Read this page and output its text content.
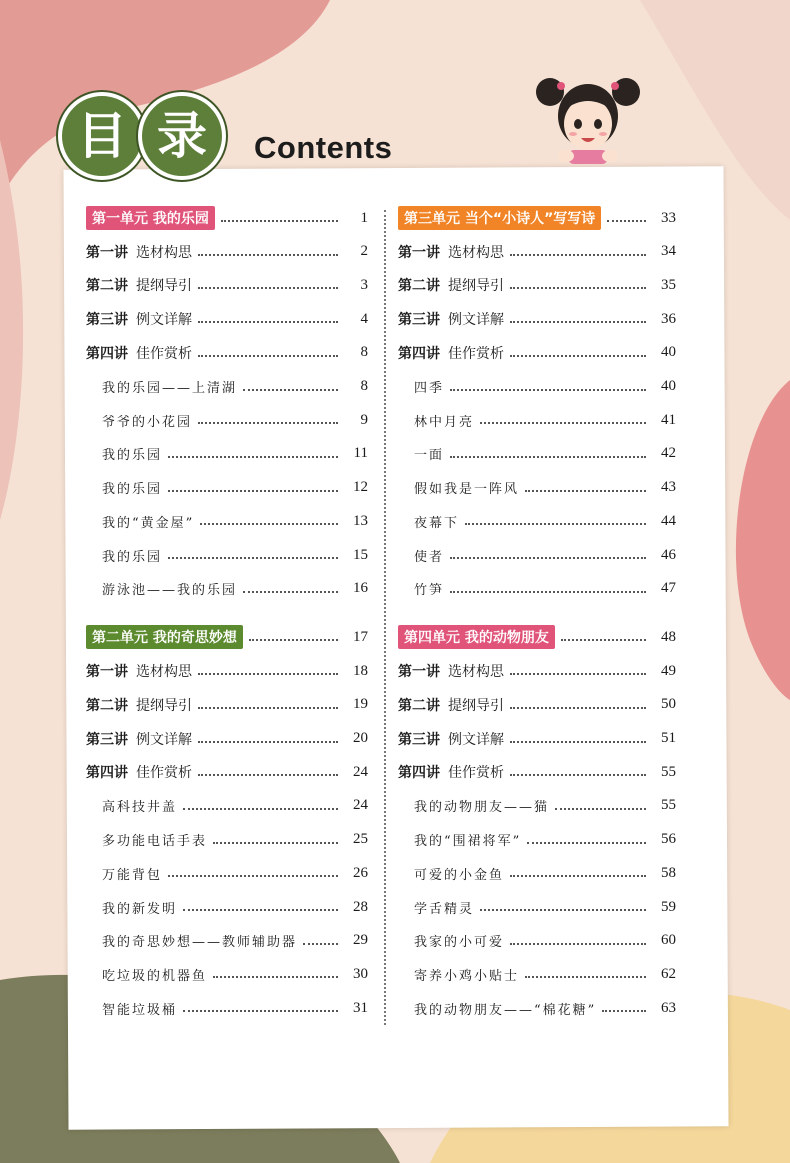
目 录	Contents
第一单元 我的乐园	1
第一讲 选材构思	2
第二讲 提纲导引	3
第三讲 例文详解	4
第四讲 佳作赏析	8
我的乐园——上清湖	8
爷爷的小花园	9
我的乐园	11
我的乐园	12
我的“黄金屋”	13
我的乐园	15
游泳池——我的乐园	16
第二单元 我的奇思妙想	17
第一讲 选材构思	18
第二讲 提纲导引	19
第三讲 例文详解	20
第四讲 佳作赏析	24
高科技井盖	24
多功能电话手表	25
万能背包	26
我的新发明	28
我的奇思妙想——教师辅助器	29
吃垃圾的机器鱼	30
智能垃圾桶	31
第三单元 当个“小诗人”写写诗	33
第一讲 选材构思	34
第二讲 提纲导引	35
第三讲 例文详解	36
第四讲 佳作赏析	40
四季	40
林中月亮	41
一面	42
假如我是一阵风	43
夜幕下	44
使者	46
竹笋	47
第四单元 我的动物朋友	48
第一讲 选材构思	49
第二讲 提纲导引	50
第三讲 例文详解	51
第四讲 佳作赏析	55
我的动物朋友——猫	55
我的“围裙将军”	56
可爱的小金鱼	58
学舌精灵	59
我家的小可爱	60
寄养小鸡小贴士	62
我的动物朋友——“棉花糖”	63
